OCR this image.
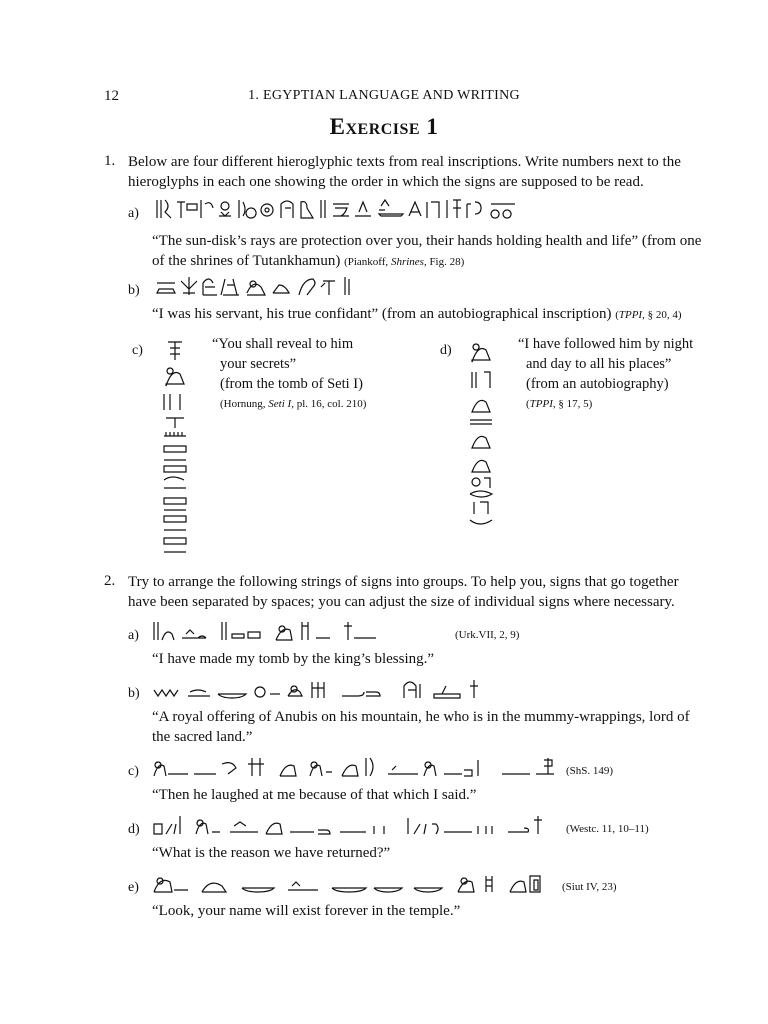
12	1. EGYPTIAN LANGUAGE AND WRITING
Exercise 1
1. Below are four different hieroglyphic texts from real inscriptions. Write numbers next to the
hieroglyphs in each one showing the order in which the signs are supposed to be read.
a)
“The sun-disk’s rays are protection over you, their hands holding health and life” (from one
of the shrines of Tutankhamun) (Piankoff, Shrines, Fig. 28)
b)
“I was his servant, his true confidant” (from an autobiographical inscription) (TPPI, § 20, 4)
c)	“You shall reveal to him
your secrets”
(from the tomb of Seti I)
(Hornung, Seti I, pl. 16, col. 210)
d)	“I have followed him by night
and day to all his places”
(from an autobiography)
(TPPI, § 17, 5)
2. Try to arrange the following strings of signs into groups. To help you, signs that go together
have been separated by spaces; you can adjust the size of individual signs where necessary.
a)	(Urk.VII, 2, 9)
“I have made my tomb by the king’s blessing.”
b)
“A royal offering of Anubis on his mountain, he who is in the mummy-wrappings, lord of
the sacred land.”
c)	(ShS. 149)
“Then he laughed at me because of that which I said.”
d)	(Westc. 11, 10–11)
“What is the reason we have returned?”
e)	(Siut IV, 23)
“Look, your name will exist forever in the temple.”
